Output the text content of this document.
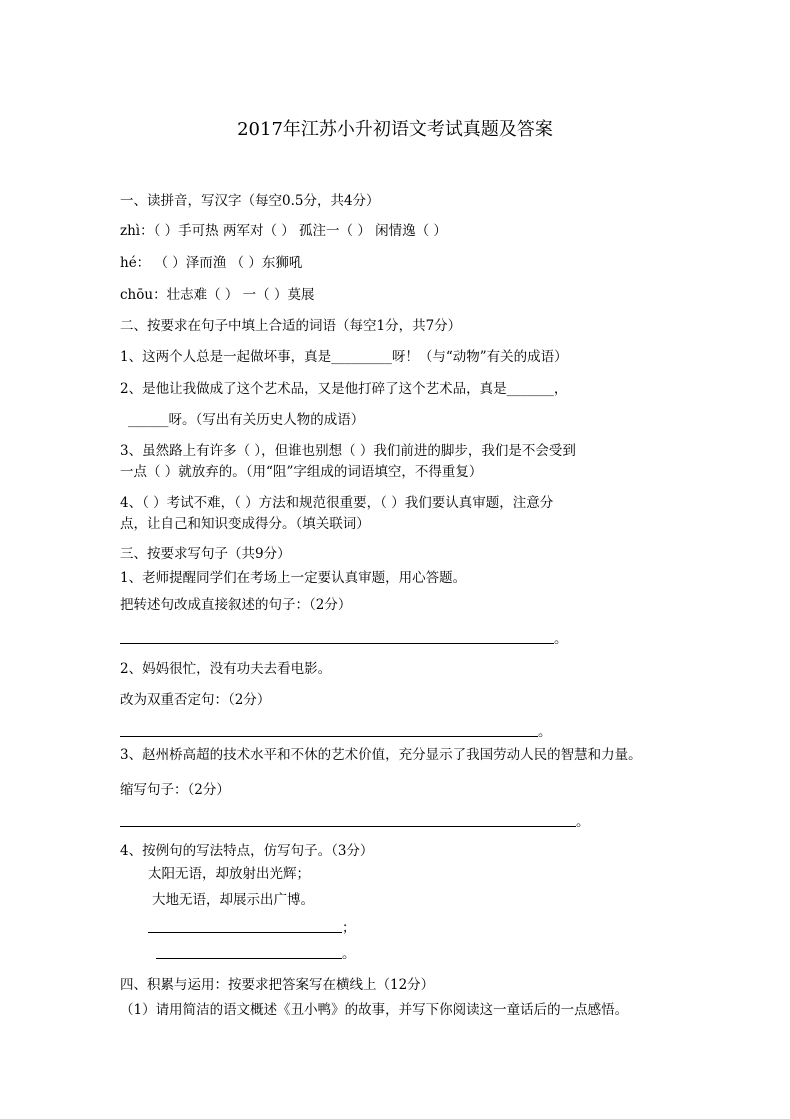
2017年江苏小升初语文考试真题及答案
一、读拼音，写汉字（每空0.5分，共4分）
zhì：（ ）手可热 两军对（ ） 孤注一（ ） 闲情逸（ ）
hé： （ ）泽而渔 （ ）东狮吼
chōu：壮志难（ ） 一（ ）莫展
二、按要求在句子中填上合适的词语（每空1分，共7分）
1、这两个人总是一起做坏事，真是_________呀！（与“动物”有关的成语）
2、是他让我做成了这个艺术品，又是他打碎了这个艺术品，真是_______，
______呀。（写出有关历史人物的成语）
3、虽然路上有许多（ ），但谁也别想（ ）我们前进的脚步，我们是不会受到
一点（ ）就放弃的。（用“阻”字组成的词语填空，不得重复）
4、（ ）考试不难，（ ）方法和规范很重要，（ ）我们要认真审题，注意分
点，让自己和知识变成得分。（填关联词）
三、按要求写句子（共9分）
1、老师提醒同学们在考场上一定要认真审题，用心答题。
把转述句改成直接叙述的句子：（2分）
。
2、妈妈很忙，没有功夫去看电影。
改为双重否定句：（2分）
。
3、赵州桥高超的技术水平和不休的艺术价值，充分显示了我国劳动人民的智慧和力量。
缩写句子：（2分）
。
4、按例句的写法特点，仿写句子。（3分）
太阳无语，却放射出光辉；
大地无语，却展示出广博。
；
。
四、积累与运用：按要求把答案写在横线上（12分）
（1）请用简洁的语文概述《丑小鸭》的故事，并写下你阅读这一童话后的一点感悟。
